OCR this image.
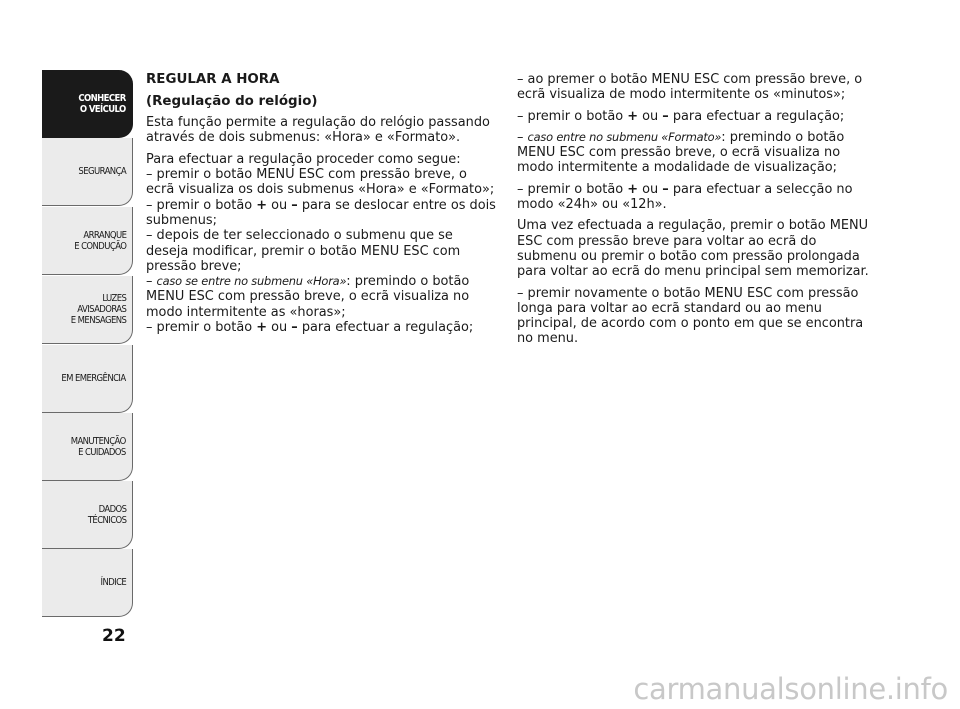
CONHECER
O VEÍCULO
SEGURANÇA
ARRANQUE
E CONDUÇÃO
LUZES
AVISADORAS
E MENSAGENS
EM EMERGÊNCIA
MANUTENÇÃO
E CUIDADOS
DADOS
TÉCNICOS
ÍNDICE
22

REGULAR A HORA

(Regulação do relógio)

Esta função permite a regulação do relógio passando através de dois submenus: «Hora» e «Formato».

Para efectuar a regulação proceder como segue:

– premir o botão MENU ESC com pressão breve, o ecrã visualiza os dois submenus «Hora» e «Formato»;

– premir o botão + ou – para se deslocar entre os dois submenus;

– depois de ter seleccionado o submenu que se deseja modificar, premir o botão MENU ESC com pressão breve;

– caso se entre no submenu «Hora»: premindo o botão MENU ESC com pressão breve, o ecrã visualiza no modo intermitente as «horas»;

– premir o botão + ou – para efectuar a regulação;

– ao premer o botão MENU ESC com pressão breve, o ecrã visualiza de modo intermitente os «minutos»;

– premir o botão + ou – para efectuar a regulação;

– caso entre no submenu «Formato»: premindo o botão MENU ESC com pressão breve, o ecrã visualiza no modo intermitente a modalidade de visualização;

– premir o botão + ou – para efectuar a selecção no modo «24h» ou «12h».

Uma vez efectuada a regulação, premir o botão MENU ESC com pressão breve para voltar ao ecrã do submenu ou premir o botão com pressão prolongada para voltar ao ecrã do menu principal sem memorizar.

– premir novamente o botão MENU ESC com pressão longa para voltar ao ecrã standard ou ao menu principal, de acordo com o ponto em que se encontra no menu.

carmanualsonline.info
